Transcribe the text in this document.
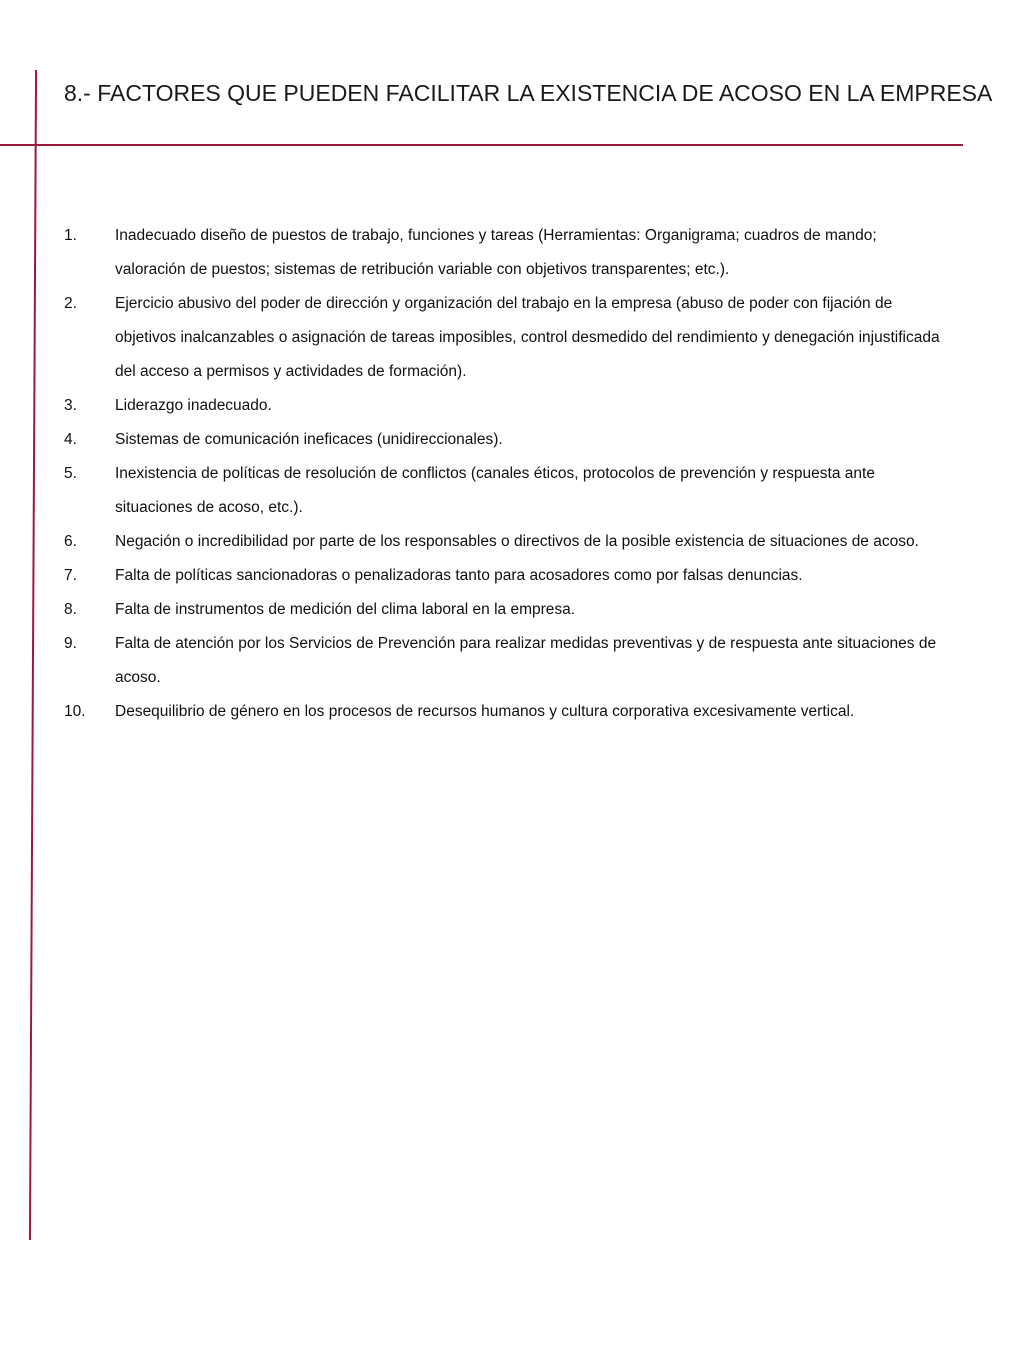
8.- FACTORES QUE PUEDEN FACILITAR LA EXISTENCIA DE ACOSO EN LA EMPRESA
1.	Inadecuado diseño de puestos de trabajo, funciones y tareas (Herramientas: Organigrama; cuadros de mando; valoración de puestos; sistemas de retribución variable con objetivos transparentes; etc.).
2.	Ejercicio abusivo del poder de dirección y organización del trabajo en la empresa (abuso de poder con fijación de objetivos inalcanzables o asignación de tareas imposibles, control desmedido del rendimiento y denegación injustificada del acceso a permisos y actividades de formación).
3.	Liderazgo inadecuado.
4.	Sistemas de comunicación ineficaces (unidireccionales).
5.	Inexistencia de políticas de resolución de conflictos (canales éticos, protocolos de prevención y respuesta ante situaciones de acoso, etc.).
6.	Negación o incredibilidad por parte de los responsables o directivos de la posible existencia de situaciones de acoso.
7.	Falta de políticas sancionadoras o penalizadoras tanto para acosadores como por falsas denuncias.
8.	Falta de instrumentos de medición del clima laboral en la empresa.
9.	Falta de atención por los Servicios de Prevención para realizar medidas preventivas y de respuesta ante situaciones de acoso.
10.	Desequilibrio de género en los procesos de recursos humanos y cultura corporativa excesivamente vertical.
